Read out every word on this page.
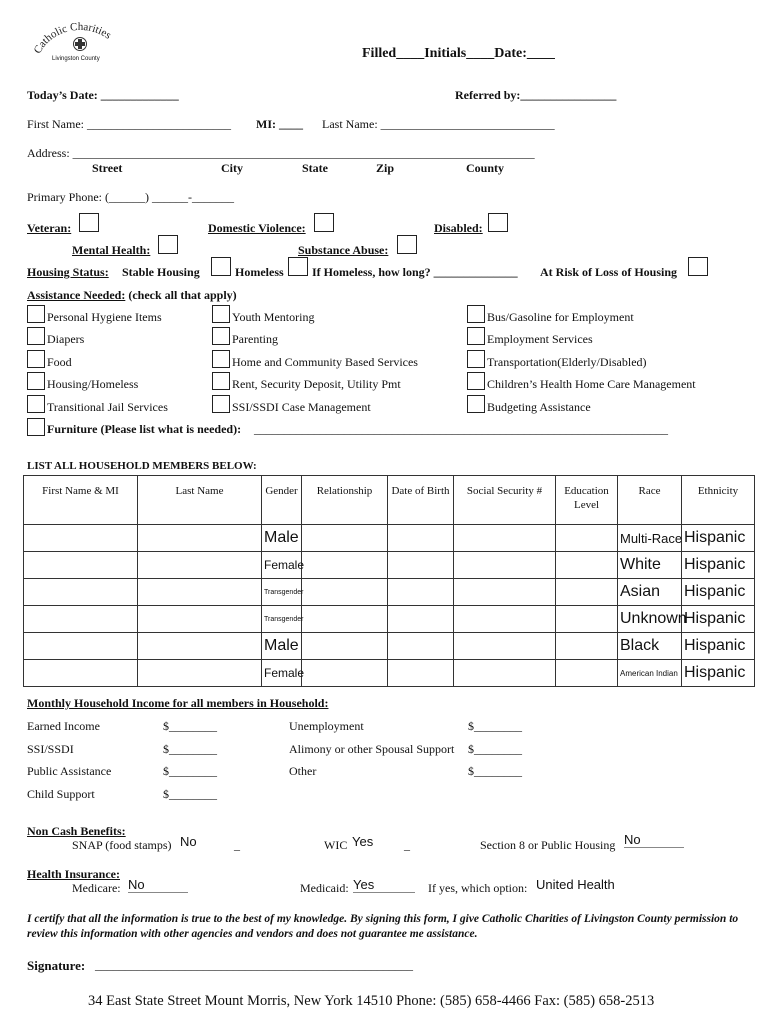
Catholic Charities
Livingston County	Filled____Initials____Date:____
Today’s Date: _____________	Referred by:________________
First Name: ________________________ MI: ____ Last Name: _____________________________
Address: _____________________________________________________________________________
Street	City	State	Zip	County
Primary Phone: (______) ______-_______
Veteran:	Domestic Violence:	Disabled:
Mental Health:	Substance Abuse:
Housing Status: Stable Housing	Homeless If Homeless, how long? ______________ At Risk of Loss of Housing
Assistance Needed: (check all that apply)
Personal Hygiene Items
Diapers
Food
Housing/Homeless
Transitional Jail Services
Youth Mentoring
Parenting
Home and Community Based Services
Rent, Security Deposit, Utility Pmt
SSI/SSDI Case Management
Bus/Gasoline for Employment
Employment Services
Transportation(Elderly/Disabled)
Children’s Health Home Care Management
Budgeting Assistance
Furniture (Please list what is needed): _____________________________________________________________________
LIST ALL HOUSEHOLD MEMBERS BELOW:
First Name & MI	Last Name	Gender	Relationship	Date of Birth	Social Security #	Education Level	Race	Ethnicity
		Male					Multi-Race	Hispanic
		Female					White	Hispanic
		Transgender					Asian	Hispanic
		Transgender					Unknown	Hispanic
		Male					Black	Hispanic
		Female					American Indian	Hispanic
Monthly Household Income for all members in Household:
Earned Income	$________
SSI/SSDI	$________
Public Assistance	$________
Child Support	$________
Unemployment	$________
Alimony or other Spousal Support $________
Other	$________
Non Cash Benefits:
SNAP (food stamps) No	_	WIC Yes	_	Section 8 or Public Housing No
Health Insurance:
Medicare: No	Medicaid: Yes	If yes, which option: United Health
I certify that all the information is true to the best of my knowledge. By signing this form, I give Catholic Charities of Livingston County permission to review this information with other agencies and vendors and does not guarantee me assistance.
Signature: _____________________________________________________
34 East State Street Mount Morris, New York 14510 Phone: (585) 658-4466 Fax: (585) 658-2513
